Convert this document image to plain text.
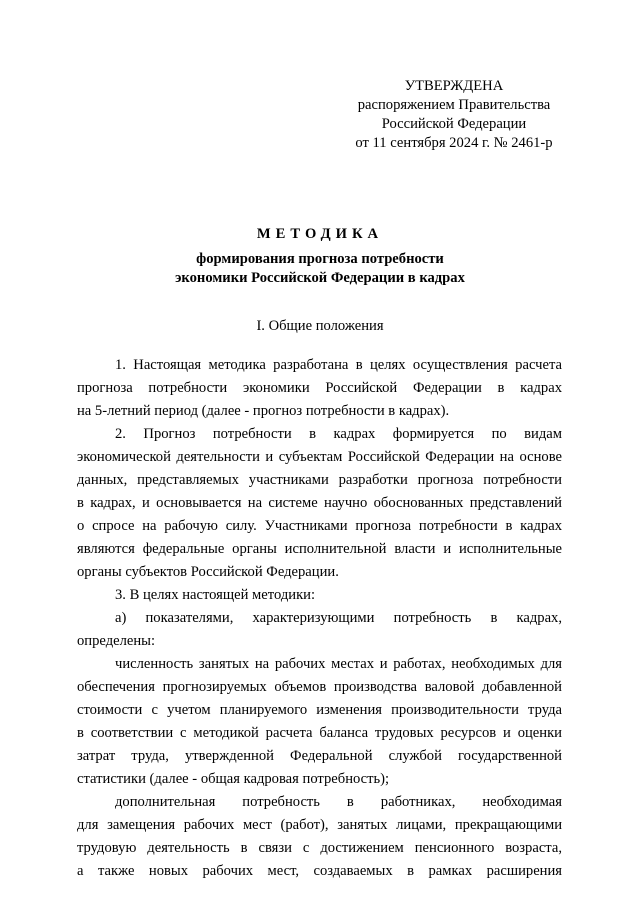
УТВЕРЖДЕНА
распоряжением Правительства
Российской Федерации
от 11 сентября 2024 г. № 2461-р
МЕТОДИКА
формирования прогноза потребности
экономики Российской Федерации в кадрах
I. Общие положения
1. Настоящая методика разработана в целях осуществления расчета
прогноза потребности экономики Российской Федерации в кадрах
на 5-летний период (далее - прогноз потребности в кадрах).
2. Прогноз потребности в кадрах формируется по видам
экономической деятельности и субъектам Российской Федерации на основе
данных, представляемых участниками разработки прогноза потребности
в кадрах, и основывается на системе научно обоснованных представлений
о спросе на рабочую силу. Участниками прогноза потребности в кадрах
являются федеральные органы исполнительной власти и исполнительные
органы субъектов Российской Федерации.
3. В целях настоящей методики:
а) показателями, характеризующими потребность в кадрах,
определены:
численность занятых на рабочих местах и работах, необходимых для
обеспечения прогнозируемых объемов производства валовой добавленной
стоимости с учетом планируемого изменения производительности труда
в соответствии с методикой расчета баланса трудовых ресурсов и оценки
затрат труда, утвержденной Федеральной службой государственной
статистики (далее - общая кадровая потребность);
дополнительная потребность в работниках, необходимая
для замещения рабочих мест (работ), занятых лицами, прекращающими
трудовую деятельность в связи с достижением пенсионного возраста,
а также новых рабочих мест, создаваемых в рамках расширения
